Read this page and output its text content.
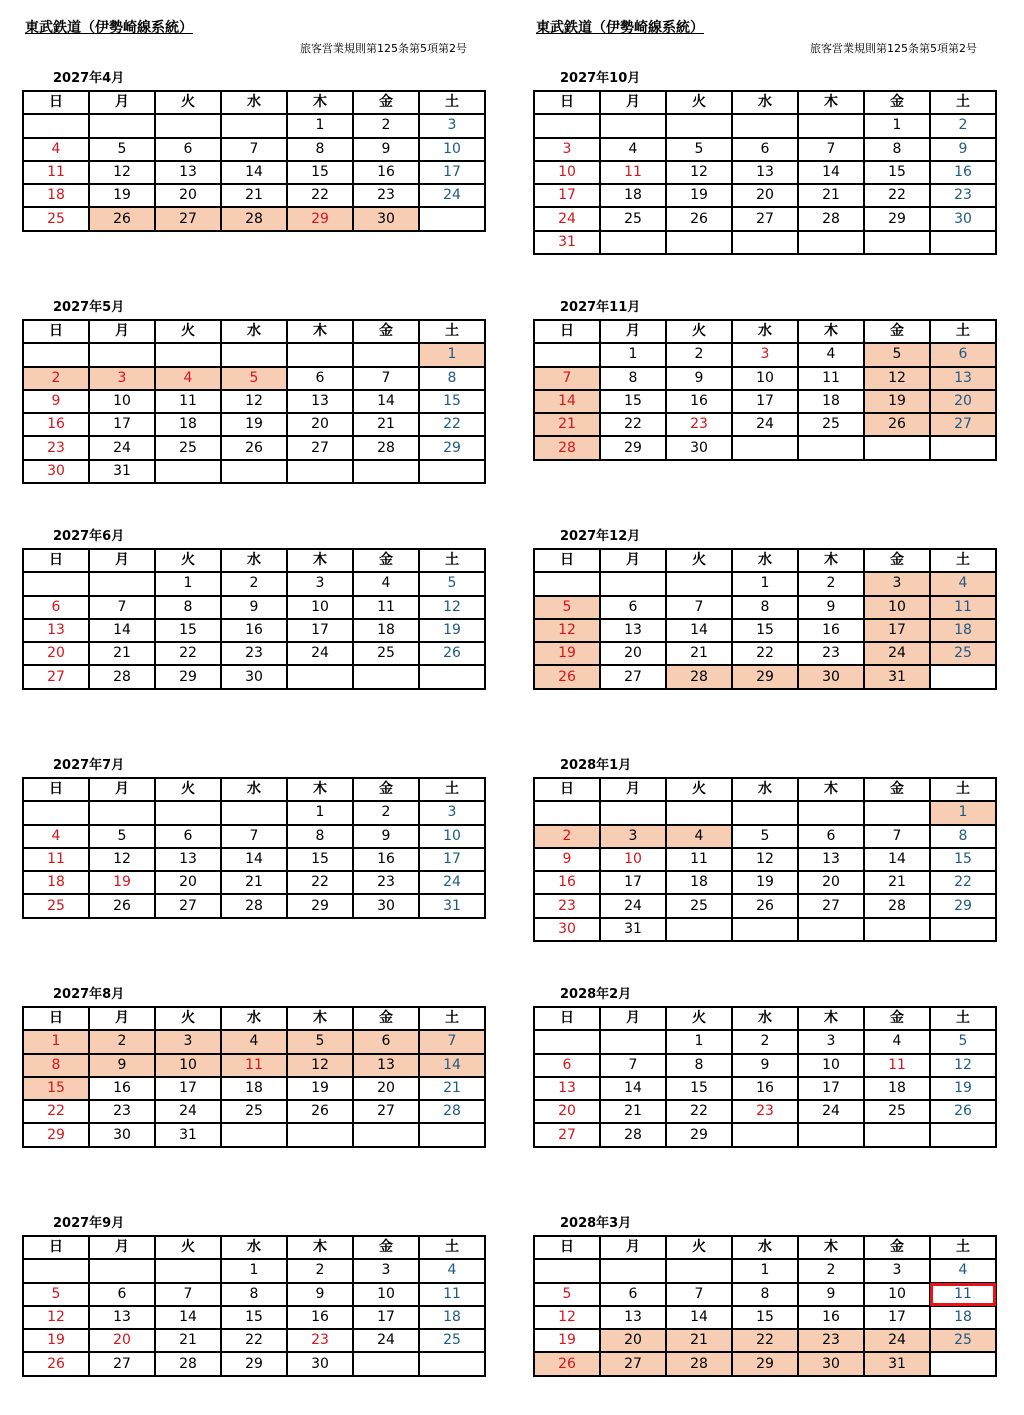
東武鉄道（伊勢崎線系統）
旅客営業規則第125条第5項第2号
東武鉄道（伊勢崎線系統）
旅客営業規則第125条第5項第2号
2027年4月
日	月	火	水	木	金	土
				1	2	3
4	5	6	7	8	9	10
11	12	13	14	15	16	17
18	19	20	21	22	23	24
25	26	27	28	29	30	
2027年5月
日	月	火	水	木	金	土
						1
2	3	4	5	6	7	8
9	10	11	12	13	14	15
16	17	18	19	20	21	22
23	24	25	26	27	28	29
30	31					
2027年6月
日	月	火	水	木	金	土
		1	2	3	4	5
6	7	8	9	10	11	12
13	14	15	16	17	18	19
20	21	22	23	24	25	26
27	28	29	30			
2027年7月
日	月	火	水	木	金	土
				1	2	3
4	5	6	7	8	9	10
11	12	13	14	15	16	17
18	19	20	21	22	23	24
25	26	27	28	29	30	31
2027年8月
日	月	火	水	木	金	土
1	2	3	4	5	6	7
8	9	10	11	12	13	14
15	16	17	18	19	20	21
22	23	24	25	26	27	28
29	30	31				
2027年9月
日	月	火	水	木	金	土
			1	2	3	4
5	6	7	8	9	10	11
12	13	14	15	16	17	18
19	20	21	22	23	24	25
26	27	28	29	30		
2027年10月
日	月	火	水	木	金	土
					1	2
3	4	5	6	7	8	9
10	11	12	13	14	15	16
17	18	19	20	21	22	23
24	25	26	27	28	29	30
31						
2027年11月
日	月	火	水	木	金	土
	1	2	3	4	5	6
7	8	9	10	11	12	13
14	15	16	17	18	19	20
21	22	23	24	25	26	27
28	29	30				
2027年12月
日	月	火	水	木	金	土
			1	2	3	4
5	6	7	8	9	10	11
12	13	14	15	16	17	18
19	20	21	22	23	24	25
26	27	28	29	30	31	
2028年1月
日	月	火	水	木	金	土
						1
2	3	4	5	6	7	8
9	10	11	12	13	14	15
16	17	18	19	20	21	22
23	24	25	26	27	28	29
30	31					
2028年2月
日	月	火	水	木	金	土
		1	2	3	4	5
6	7	8	9	10	11	12
13	14	15	16	17	18	19
20	21	22	23	24	25	26
27	28	29				
2028年3月
日	月	火	水	木	金	土
			1	2	3	4
5	6	7	8	9	10	11
12	13	14	15	16	17	18
19	20	21	22	23	24	25
26	27	28	29	30	31	
